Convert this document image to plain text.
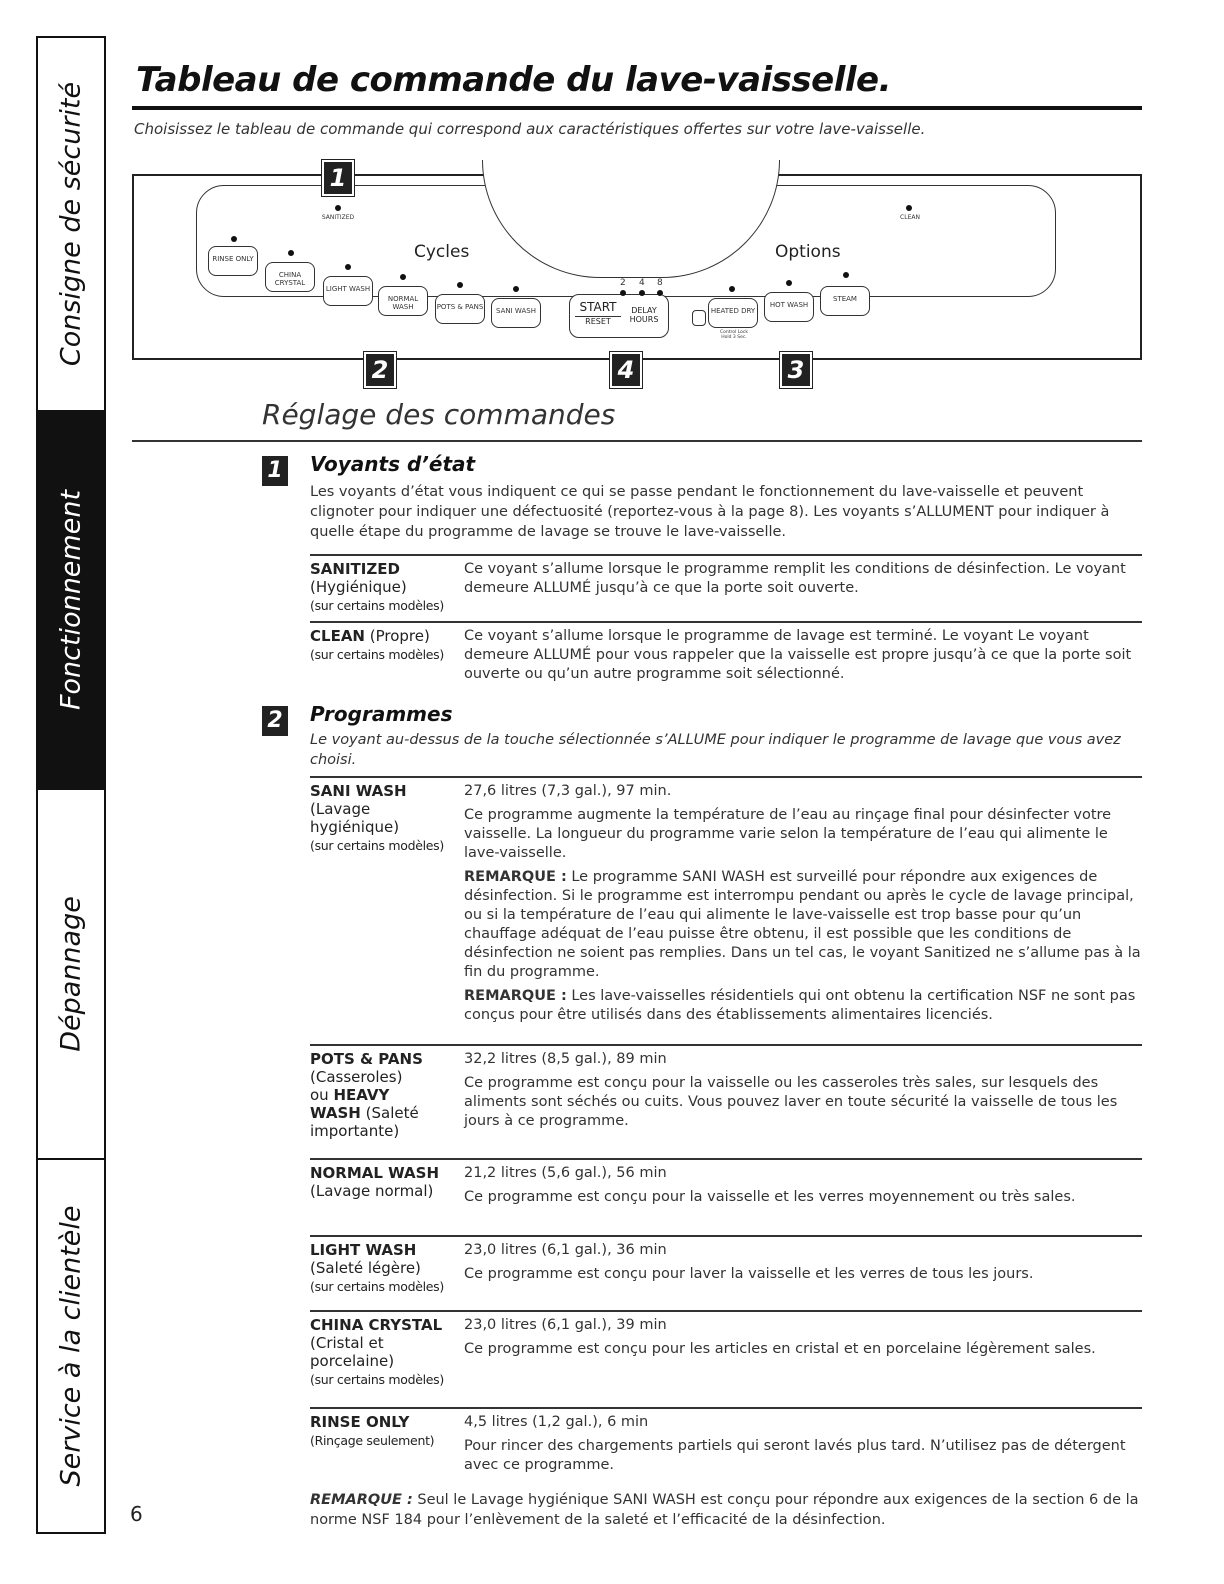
Consigne de sécurité
Fonctionnement
Dépannage
Service à la clientèle
6
Tableau de commande du lave-vaisselle.
Choisissez le tableau de commande qui correspond aux caractéristiques offertes sur votre lave-vaisselle.
1
2	4	3
SANITIZED	CLEAN
Cycles	Options
RINSE ONLY
CHINA CRYSTAL
LIGHT WASH
NORMAL WASH	POTS & PANS	SANI WASH	START
RESET
DELAY
HOURS
2 4 8
HEATED DRY
Control Lock Hold 3 Sec.
HOT WASH
STEAM
Réglage des commandes
1 Voyants d’état
Les voyants d’état vous indiquent ce qui se passe pendant le fonctionnement du lave-vaisselle et peuvent clignoter pour indiquer une défectuosité (reportez-vous à la page 8). Les voyants s’ALLUMENT pour indiquer à quelle étape du programme de lavage se trouve le lave-vaisselle.
SANITIZED
(Hygiénique)
(sur certains modèles)
Ce voyant s’allume lorsque le programme remplit les conditions de désinfection. Le voyant demeure ALLUMÉ jusqu’à ce que la porte soit ouverte.
CLEAN (Propre)
(sur certains modèles)
Ce voyant s’allume lorsque le programme de lavage est terminé. Le voyant Le voyant demeure ALLUMÉ pour vous rappeler que la vaisselle est propre jusqu’à ce que la porte soit ouverte ou qu’un autre programme soit sélectionné.
2 Programmes
Le voyant au-dessus de la touche sélectionnée s’ALLUME pour indiquer le programme de lavage que vous avez choisi.
SANI WASH
(Lavage hygiénique)
(sur certains modèles)

27,6 litres (7,3 gal.), 97 min.

Ce programme augmente la température de l’eau au rinçage final pour désinfecter votre vaisselle. La longueur du programme varie selon la température de l’eau qui alimente le lave-vaisselle.

REMARQUE : Le programme SANI WASH est surveillé pour répondre aux exigences de désinfection. Si le programme est interrompu pendant ou après le cycle de lavage principal, ou si la température de l’eau qui alimente le lave-vaisselle est trop basse pour qu’un chauffage adéquat de l’eau puisse être obtenu, il est possible que les conditions de désinfection ne soient pas remplies. Dans un tel cas, le voyant Sanitized ne s’allume pas à la fin du programme.

REMARQUE : Les lave-vaisselles résidentiels qui ont obtenu la certification NSF ne sont pas conçus pour être utilisés dans des établissements alimentaires licenciés.

POTS & PANS
(Casseroles)
ou HEAVY WASH (Saleté importante)

32,2 litres (8,5 gal.), 89 min

Ce programme est conçu pour la vaisselle ou les casseroles très sales, sur lesquels des aliments sont séchés ou cuits. Vous pouvez laver en toute sécurité la vaisselle de tous les jours à ce programme.

NORMAL WASH
(Lavage normal)

21,2 litres (5,6 gal.), 56 min

Ce programme est conçu pour la vaisselle et les verres moyennement ou très sales.

LIGHT WASH
(Saleté légère)
(sur certains modèles)

23,0 litres (6,1 gal.), 36 min

Ce programme est conçu pour laver la vaisselle et les verres de tous les jours.

CHINA CRYSTAL
(Cristal et porcelaine)
(sur certains modèles)

23,0 litres (6,1 gal.), 39 min

Ce programme est conçu pour les articles en cristal et en porcelaine légèrement sales.

RINSE ONLY
(Rinçage seulement)

4,5 litres (1,2 gal.), 6 min

Pour rincer des chargements partiels qui seront lavés plus tard. N’utilisez pas de détergent avec ce programme.

REMARQUE : Seul le Lavage hygiénique SANI WASH est conçu pour répondre aux exigences de la section 6 de la norme NSF 184 pour l’enlèvement de la saleté et l’efficacité de la désinfection.
